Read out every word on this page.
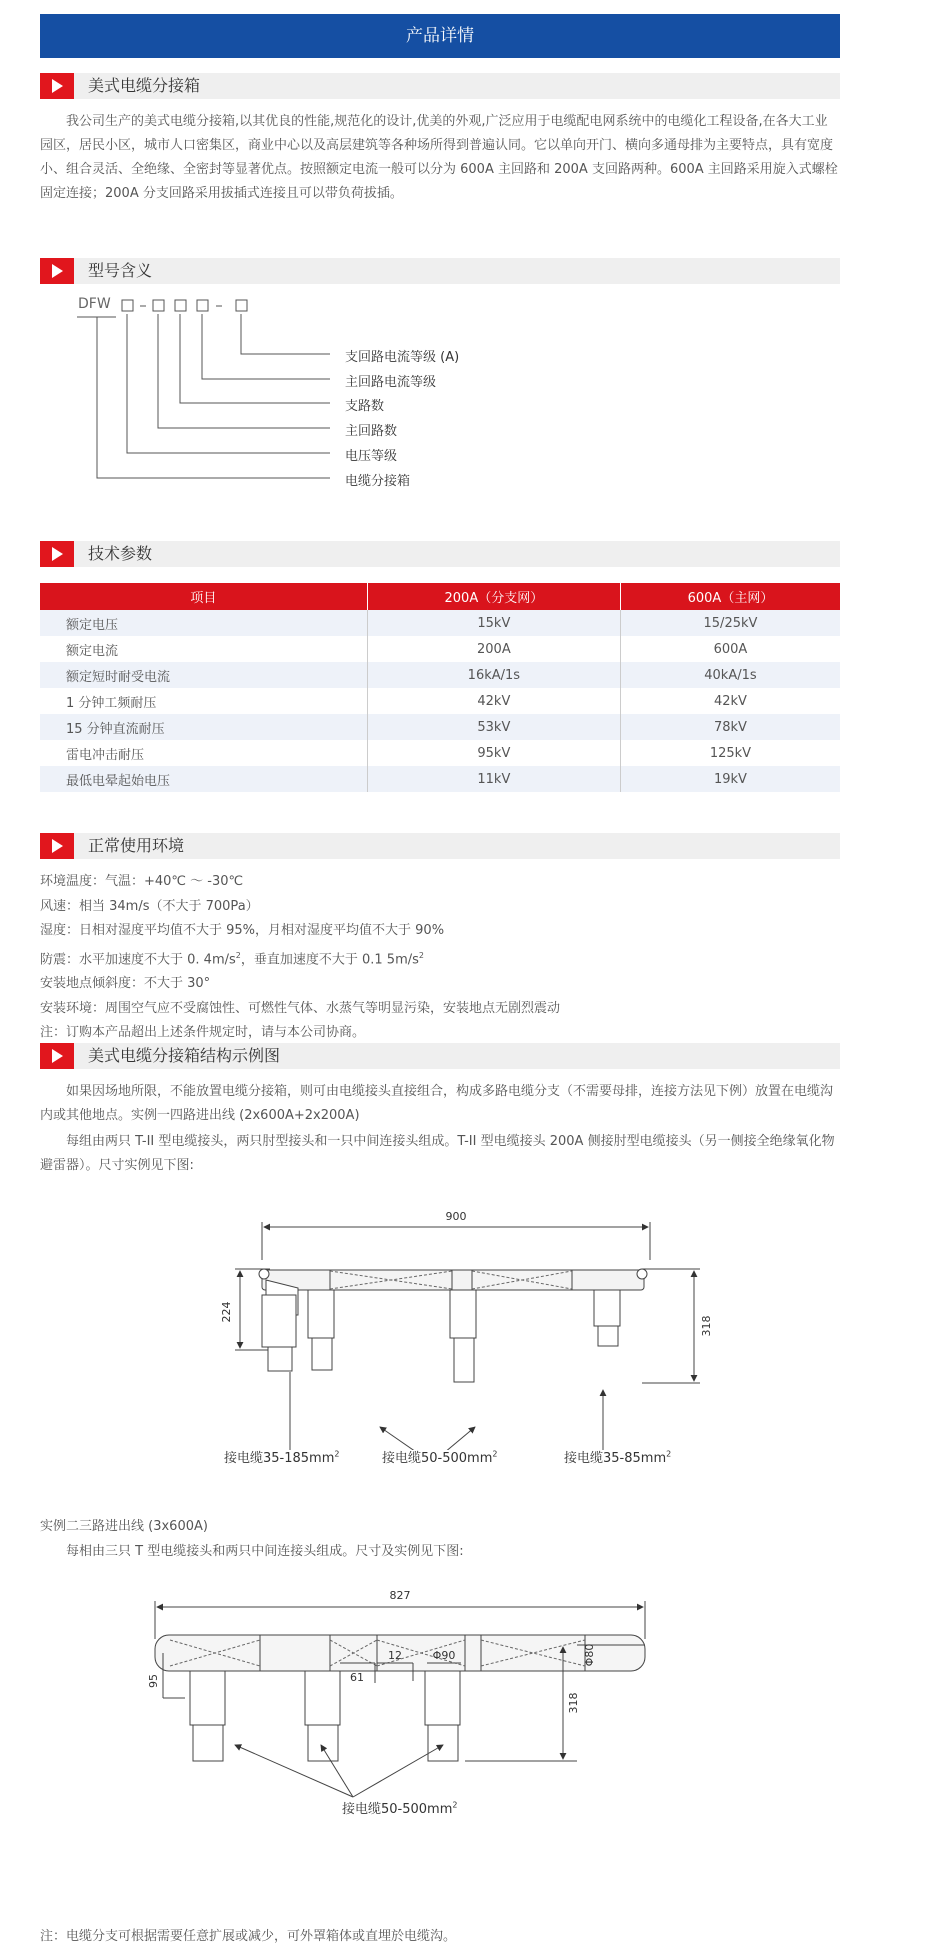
产品详情
美式电缆分接箱
我公司生产的美式电缆分接箱,以其优良的性能,规范化的设计,优美的外观,广泛应用于电缆配电网系统中的电缆化工程设备,在各大工业园区，居民小区，城市人口密集区，商业中心以及高层建筑等各种场所得到普遍认同。它以单向开门、横向多通母排为主要特点，具有宽度小、组合灵活、全绝缘、全密封等显著优点。按照额定电流一般可以分为 600A 主回路和 200A 支回路两种。600A 主回路采用旋入式螺栓固定连接；200A 分支回路采用拔插式连接且可以带负荷拔插。
型号含义
DFW
支回路电流等级 (A)
主回路电流等级
支路数
主回路数
电压等级
电缆分接箱
技术参数
项目	200A（分支网）	600A（主网）
额定电压	15kV	15/25kV
额定电流	200A	600A
额定短时耐受电流	16kA/1s	40kA/1s
1 分钟工频耐压	42kV	42kV
15 分钟直流耐压	53kV	78kV
雷电冲击耐压	95kV	125kV
最低电晕起始电压	11kV	19kV
正常使用环境
环境温度：气温：+40℃ ～ -30℃
风速：相当 34m/s（不大于 700Pa）
湿度：日相对湿度平均值不大于 95%，月相对湿度平均值不大于 90%
防震：水平加速度不大于 0. $4m/s^2$，垂直加速度不大于 0.1 $5m/s^2$
安装地点倾斜度：不大于 30°
安装环境：周围空气应不受腐蚀性、可燃性气体、水蒸气等明显污染，安装地点无剧烈震动
注：订购本产品超出上述条件规定时，请与本公司协商。
美式电缆分接箱结构示例图
如果因场地所限，不能放置电缆分接箱，则可由电缆接头直接组合，构成多路电缆分支（不需要母排，连接方法见下例）放置在电缆沟内或其他地点。实例一四路进出线 (2x600A+2x200A)
每组由两只 T-II 型电缆接头，两只肘型接头和一只中间连接头组成。T-II 型电缆接头 200A 侧接肘型电缆接头（另一侧接全绝缘氧化物避雷器）。尺寸实例见下图:
900
224
318
接电缆$35-185mm^2$	接电缆$50-500mm^2$	接电缆$35-85mm^2$
实例二三路进出线 (3x600A)
每相由三只 T 型电缆接头和两只中间连接头组成。尺寸及实例见下图:
827
Φ80
95	61
12	Φ90
318
接电缆$50-500mm^2$
注：电缆分支可根据需要任意扩展或减少，可外罩箱体或直埋於电缆沟。
